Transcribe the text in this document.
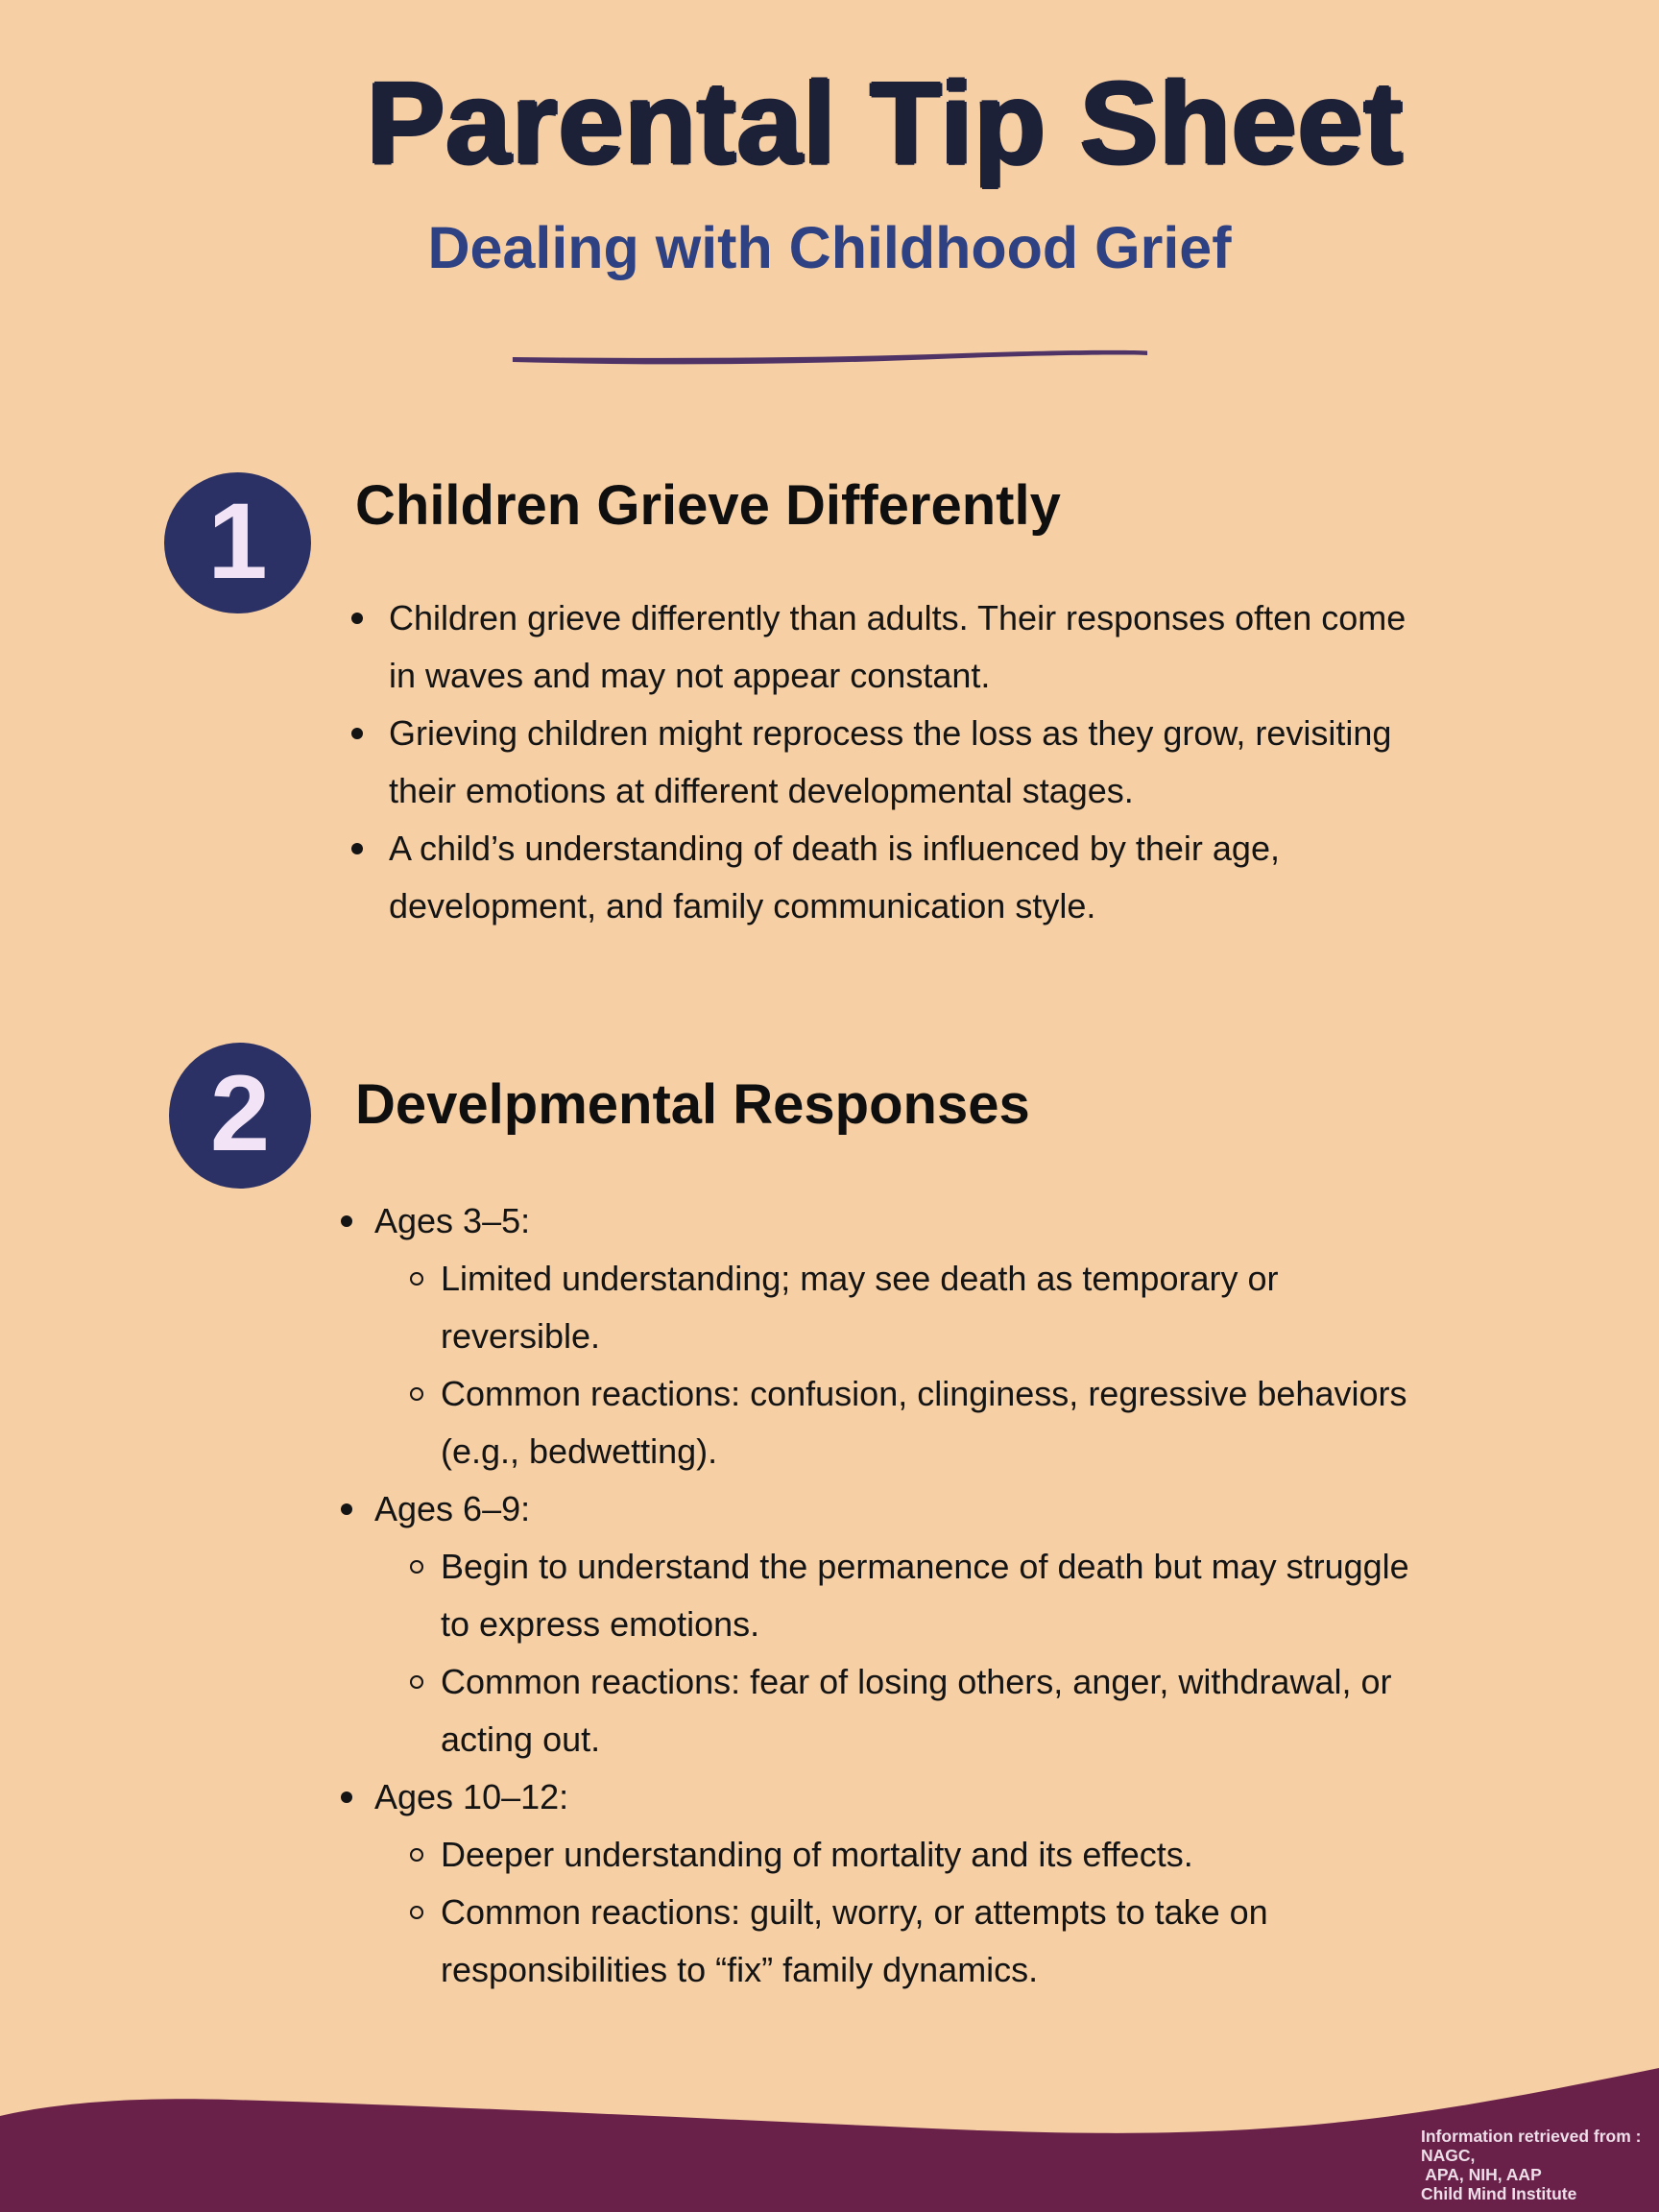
Parental Tip Sheet
Dealing with Childhood Grief
1 Children Grieve Differently
Children grieve differently than adults. Their responses often come in waves and may not appear constant.
Grieving children might reprocess the loss as they grow, revisiting their emotions at different developmental stages.
A child’s understanding of death is influenced by their age, development, and family communication style.
2 Develpmental Responses
Ages 3–5:
Limited understanding; may see death as temporary or reversible.
Common reactions: confusion, clinginess, regressive behaviors (e.g., bedwetting).
Ages 6–9:
Begin to understand the permanence of death but may struggle to express emotions.
Common reactions: fear of losing others, anger, withdrawal, or acting out.
Ages 10–12:
Deeper understanding of mortality and its effects.
Common reactions: guilt, worry, or attempts to take on responsibilities to “fix” family dynamics.
Information retrieved from :
NAGC,
APA, NIH, AAP
Child Mind Institute
